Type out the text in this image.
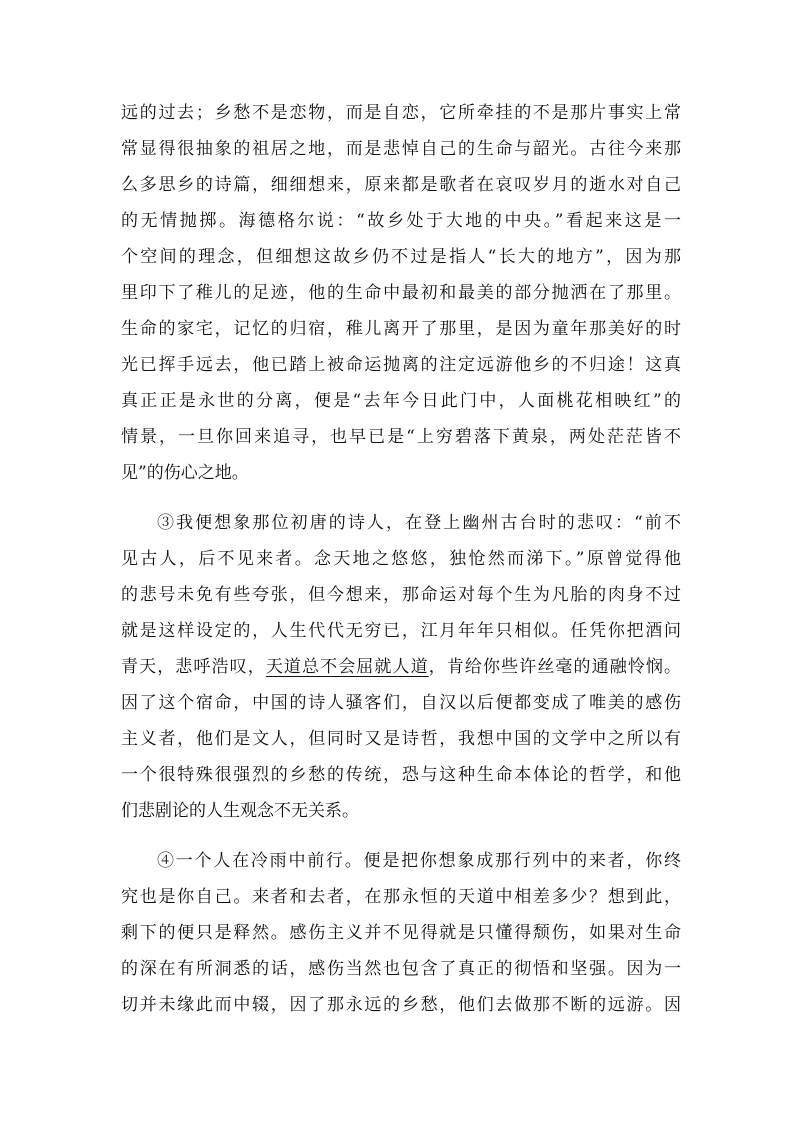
远的过去；乡愁不是恋物，而是自恋，它所牵挂的不是那片事实上常
常显得很抽象的祖居之地，而是悲悼自己的生命与韶光。古往今来那
么多思乡的诗篇，细细想来，原来都是歌者在哀叹岁月的逝水对自己
的无情抛掷。海德格尔说：“故乡处于大地的中央。”看起来这是一
个空间的理念，但细想这故乡仍不过是指人“长大的地方”，因为那
里印下了稚儿的足迹，他的生命中最初和最美的部分抛洒在了那里。
生命的家宅，记忆的归宿，稚儿离开了那里，是因为童年那美好的时
光已挥手远去，他已踏上被命运抛离的注定远游他乡的不归途！这真
真正正是永世的分离，便是“去年今日此门中，人面桃花相映红”的
情景，一旦你回来追寻，也早已是“上穷碧落下黄泉，两处茫茫皆不
见”的伤心之地。
③我便想象那位初唐的诗人，在登上幽州古台时的悲叹：“前不
见古人，后不见来者。念天地之悠悠，独怆然而涕下。”原曾觉得他
的悲号未免有些夸张，但今想来，那命运对每个生为凡胎的肉身不过
就是这样设定的，人生代代无穷已，江月年年只相似。任凭你把酒问
青天，悲呼浩叹，天道总不会屈就人道，肯给你些许丝毫的通融怜悯。
因了这个宿命，中国的诗人骚客们，自汉以后便都变成了唯美的感伤
主义者，他们是文人，但同时又是诗哲，我想中国的文学中之所以有
一个很特殊很强烈的乡愁的传统，恐与这种生命本体论的哲学，和他
们悲剧论的人生观念不无关系。
④一个人在冷雨中前行。便是把你想象成那行列中的来者，你终
究也是你自己。来者和去者，在那永恒的天道中相差多少？想到此，
剩下的便只是释然。感伤主义并不见得就是只懂得颓伤，如果对生命
的深在有所洞悉的话，感伤当然也包含了真正的彻悟和坚强。因为一
切并未缘此而中辍，因了那永远的乡愁，他们去做那不断的远游。因
